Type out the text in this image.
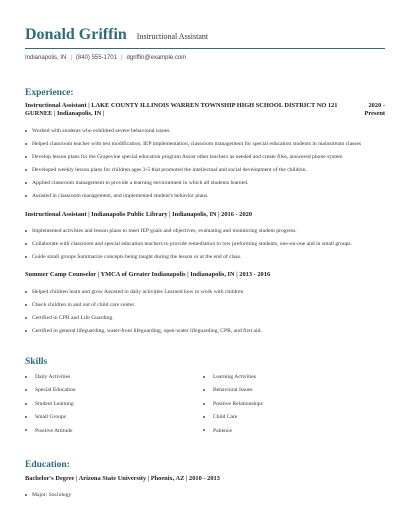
Donald Griffin Instructional Assistant
Indianapolis, IN | (840) 555-1701 | dgriffin@example.com
Experience:
Instructional Assistant | LAKE COUNTY ILLINOIS WARREN TOWNSHIP HIGH SCHOOL DISTRICT NO 121 GURNEE | Indianapolis, IN |
2020 - Present
Worked with students who exhibited severe behavioral issues.
Helped classroom teacher with test modification, IEP implementation, classroom management for special education students in mainstream classes
Develop lesson plans for the Grapevine special education program Assist other teachers as needed and create files, answered phone system
Developed weekly lesson plans for children ages 3-5 that promoted the intellectual and social development of the children.
Applied classroom management to provide a learning environment in which all students learned.
Assisted in classroom management, and implemented student's behavior plans.
Instructional Assistant | Indianapolis Public Library | Indianapolis, IN | 2016 - 2020
Implemented activities and lesson plans to meet IEP goals and objectives, evaluating and monitoring student progress.
Collaborate with classroom and special education teachers to provide remediation to low preforming students, one-on-one and in small groups.
Guide small groups Summarize concepts being taught during the lesson or at the end of class.
Summer Camp Counselor | YMCA of Greater Indianapolis | Indianapolis, IN | 2013 - 2016
Helped children learn and grow Assisted in daily activities Learned how to work with children
Check children in and out of child care center.
Certified in CPR and Life Guarding.
Certified in general lifeguarding, water-front lifeguarding, open-water lifeguarding, CPR, and first aid.
Skills
Daily Activities
Special Education
Student Learning
Small Groups
Positive Attitude
Learning Activities
Behavioral Issues
Positive Relationships
Child Care
Patience
Education:
Bachelor's Degree | Arizona State University | Phoenix, AZ | 2010 - 2013
Major: Sociology
